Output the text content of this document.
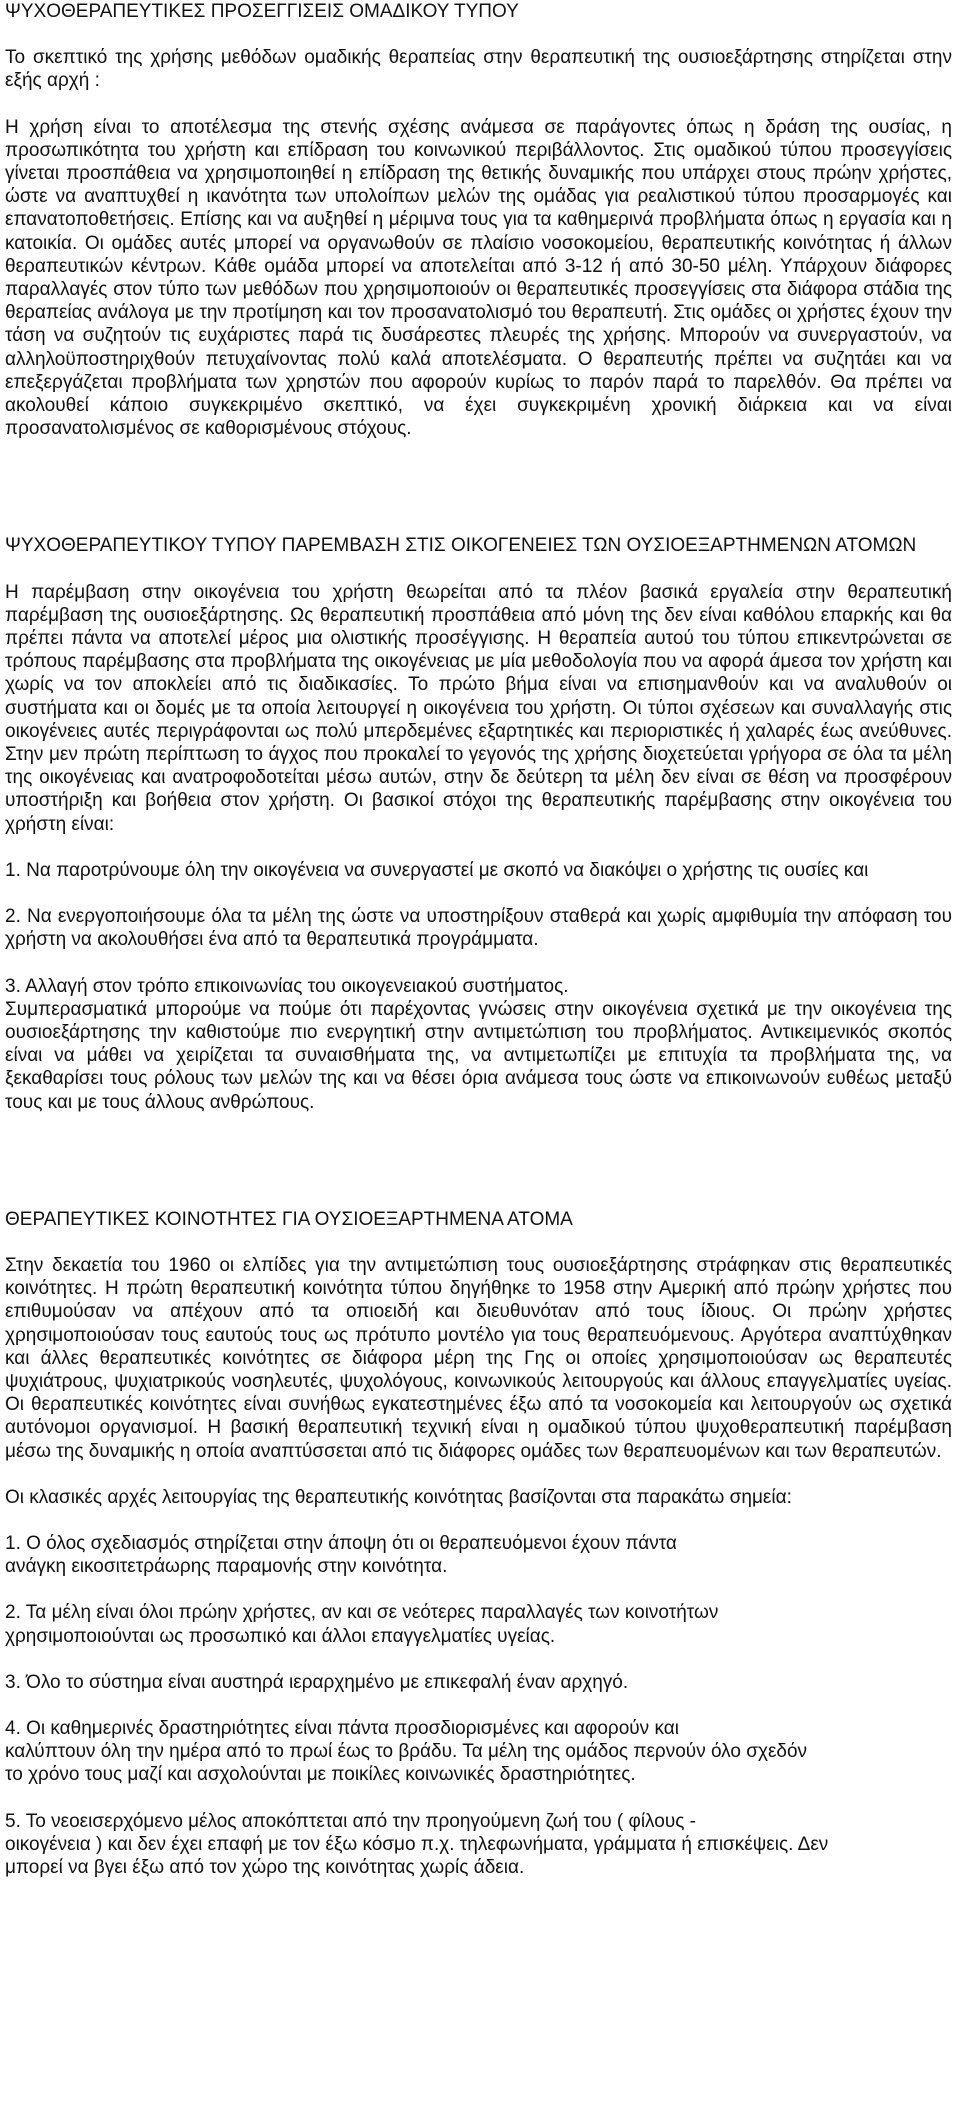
ΨΥΧΟΘΕΡΑΠΕΥΤΙΚΕΣ ΠΡΟΣΕΓΓΙΣΕΙΣ ΟΜΑΔΙΚΟΥ ΤΥΠΟΥ

Το σκεπτικό της χρήσης μεθόδων ομαδικής θεραπείας στην θεραπευτική της ουσιοεξάρτησης στηρίζεται στην εξής αρχή :

Η χρήση είναι το αποτέλεσμα της στενής σχέσης ανάμεσα σε παράγοντες όπως η δράση της ουσίας, η προσωπικότητα του χρήστη και επίδραση του κοινωνικού περιβάλλοντος. Στις ομαδικού τύπου προσεγγίσεις γίνεται προσπάθεια να χρησιμοποιηθεί η επίδραση της θετικής δυναμικής που υπάρχει στους πρώην χρήστες, ώστε να αναπτυχθεί η ικανότητα των υπολοίπων μελών της ομάδας για ρεαλιστικού τύπου προσαρμογές και επανατοποθετήσεις. Επίσης και να αυξηθεί η μέριμνα τους για τα καθημερινά προβλήματα όπως η εργασία και η κατοικία. Οι ομάδες αυτές μπορεί να οργανωθούν σε πλαίσιο νοσοκομείου, θεραπευτικής κοινότητας ή άλλων θεραπευτικών κέντρων. Κάθε ομάδα μπορεί να αποτελείται από 3-12 ή από 30-50 μέλη. Υπάρχουν διάφορες παραλλαγές στον τύπο των μεθόδων που χρησιμοποιούν οι θεραπευτικές προσεγγίσεις στα διάφορα στάδια της θεραπείας ανάλογα με την προτίμηση και τον προσανατολισμό του θεραπευτή. Στις ομάδες οι χρήστες έχουν την τάση να συζητούν τις ευχάριστες παρά τις δυσάρεστες πλευρές της χρήσης. Μπορούν να συνεργαστούν, να αλληλοϋποστηριχθούν πετυχαίνοντας πολύ καλά αποτελέσματα. Ο θεραπευτής πρέπει να συζητάει και να επεξεργάζεται προβλήματα των χρηστών που αφορούν κυρίως το παρόν παρά το παρελθόν. Θα πρέπει να ακολουθεί κάποιο συγκεκριμένο σκεπτικό, να έχει συγκεκριμένη χρονική διάρκεια και να είναι προσανατολισμένος σε καθορισμένους στόχους.

ΨΥΧΟΘΕΡΑΠΕΥΤΙΚΟΥ ΤΥΠΟΥ ΠΑΡΕΜΒΑΣΗ ΣΤΙΣ ΟΙΚΟΓΕΝΕΙΕΣ ΤΩΝ ΟΥΣΙΟΕΞΑΡΤΗΜΕΝΩΝ ΑΤΟΜΩΝ

Η παρέμβαση στην οικογένεια του χρήστη θεωρείται από τα πλέον βασικά εργαλεία στην θεραπευτική παρέμβαση της ουσιοεξάρτησης. Ως θεραπευτική προσπάθεια από μόνη της δεν είναι καθόλου επαρκής και θα πρέπει πάντα να αποτελεί μέρος μια ολιστικής προσέγγισης. Η θεραπεία αυτού του τύπου επικεντρώνεται σε τρόπους παρέμβασης στα προβλήματα της οικογένειας με μία μεθοδολογία που να αφορά άμεσα τον χρήστη και χωρίς να τον αποκλείει από τις διαδικασίες. Το πρώτο βήμα είναι να επισημανθούν και να αναλυθούν οι συστήματα και οι δομές με τα οποία λειτουργεί η οικογένεια του χρήστη. Οι τύποι σχέσεων και συναλλαγής στις οικογένειες αυτές περιγράφονται ως πολύ μπερδεμένες εξαρτητικές και περιοριστικές ή χαλαρές έως ανεύθυνες. Στην μεν πρώτη περίπτωση το άγχος που προκαλεί το γεγονός της χρήσης διοχετεύεται γρήγορα σε όλα τα μέλη της οικογένειας και ανατροφοδοτείται μέσω αυτών, στην δε δεύτερη τα μέλη δεν είναι σε θέση να προσφέρουν υποστήριξη και βοήθεια στον χρήστη. Οι βασικοί στόχοι της θεραπευτικής παρέμβασης στην οικογένεια του χρήστη είναι:

1. Να παροτρύνουμε όλη την οικογένεια να συνεργαστεί με σκοπό να διακόψει ο χρήστης τις ουσίες και

2. Να ενεργοποιήσουμε όλα τα μέλη της ώστε να υποστηρίξουν σταθερά και χωρίς αμφιθυμία την απόφαση του χρήστη να ακολουθήσει ένα από τα θεραπευτικά προγράμματα.

3. Αλλαγή στον τρόπο επικοινωνίας του οικογενειακού συστήματος.

Συμπερασματικά μπορούμε να πούμε ότι παρέχοντας γνώσεις στην οικογένεια σχετικά με την οικογένεια της ουσιοεξάρτησης την καθιστούμε πιο ενεργητική στην αντιμετώπιση του προβλήματος. Αντικειμενικός σκοπός είναι να μάθει να χειρίζεται τα συναισθήματα της, να αντιμετωπίζει με επιτυχία τα προβλήματα της, να ξεκαθαρίσει τους ρόλους των μελών της και να θέσει όρια ανάμεσα τους ώστε να επικοινωνούν ευθέως μεταξύ τους και με τους άλλους ανθρώπους.

ΘΕΡΑΠΕΥΤΙΚΕΣ ΚΟΙΝΟΤΗΤΕΣ ΓΙΑ ΟΥΣΙΟΕΞΑΡΤΗΜΕΝΑ ΑΤΟΜΑ

Στην δεκαετία του 1960 οι ελπίδες για την αντιμετώπιση τους ουσιοεξάρτησης στράφηκαν στις θεραπευτικές κοινότητες. Η πρώτη θεραπευτική κοινότητα τύπου δηγήθηκε το 1958 στην Αμερική από πρώην χρήστες που επιθυμούσαν να απέχουν από τα οπιοειδή και διευθυνόταν από τους ίδιους. Οι πρώην χρήστες χρησιμοποιούσαν τους εαυτούς τους ως πρότυπο μοντέλο για τους θεραπευόμενους. Αργότερα αναπτύχθηκαν και άλλες θεραπευτικές κοινότητες σε διάφορα μέρη της Γης οι οποίες χρησιμοποιούσαν ως θεραπευτές ψυχιάτρους, ψυχιατρικούς νοσηλευτές, ψυχολόγους, κοινωνικούς λειτουργούς και άλλους επαγγελματίες υγείας. Οι θεραπευτικές κοινότητες είναι συνήθως εγκατεστημένες έξω από τα νοσοκομεία και λειτουργούν ως σχετικά αυτόνομοι οργανισμοί. Η βασική θεραπευτική τεχνική είναι η ομαδικού τύπου ψυχοθεραπευτική παρέμβαση μέσω της δυναμικής η οποία αναπτύσσεται από τις διάφορες ομάδες των θεραπευομένων και των θεραπευτών.

Οι κλασικές αρχές λειτουργίας της θεραπευτικής κοινότητας βασίζονται στα παρακάτω σημεία:

1. Ο όλος σχεδιασμός στηρίζεται στην άποψη ότι οι θεραπευόμενοι έχουν πάντα
ανάγκη εικοσιτετράωρης παραμονής στην κοινότητα.

2. Τα μέλη είναι όλοι πρώην χρήστες, αν και σε νεότερες παραλλαγές των κοινοτήτων
χρησιμοποιούνται ως προσωπικό και άλλοι επαγγελματίες υγείας.

3. Όλο το σύστημα είναι αυστηρά ιεραρχημένο με επικεφαλή έναν αρχηγό.

4. Οι καθημερινές δραστηριότητες είναι πάντα προσδιορισμένες και αφορούν και
καλύπτουν όλη την ημέρα από το πρωί έως το βράδυ. Τα μέλη της ομάδος περνούν όλο σχεδόν
το χρόνο τους μαζί και ασχολούνται με ποικίλες κοινωνικές δραστηριότητες.

5. Το νεοεισερχόμενο μέλος αποκόπτεται από την προηγούμενη ζωή του ( φίλους -
οικογένεια ) και δεν έχει επαφή με τον έξω κόσμο π.χ. τηλεφωνήματα, γράμματα ή επισκέψεις. Δεν
μπορεί να βγει έξω από τον χώρο της κοινότητας χωρίς άδεια.
